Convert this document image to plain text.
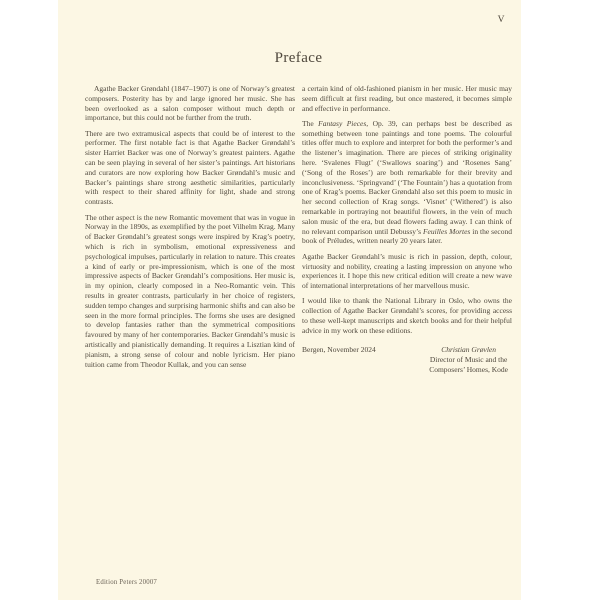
V
Preface

Agathe Backer Grøndahl (1847–1907) is one of Norway’s greatest composers. Posterity has by and large ignored her music. She has been overlooked as a salon composer without much depth or importance, but this could not be further from the truth.

There are two extramusical aspects that could be of interest to the performer. The first notable fact is that Agathe Backer Grøndahl’s sister Harriet Backer was one of Norway’s greatest painters. Agathe can be seen playing in several of her sister’s paintings. Art historians and curators are now exploring how Backer Grøndahl’s music and Backer’s paintings share strong aesthetic similarities, particularly with respect to their shared affinity for light, shade and strong contrasts.

The other aspect is the new Romantic movement that was in vogue in Norway in the 1890s, as exemplified by the poet Vilhelm Krag. Many of Backer Grøndahl’s greatest songs were inspired by Krag’s poetry, which is rich in symbolism, emotional expressiveness and psychological impulses, particularly in relation to nature. This creates a kind of early or pre-impressionism, which is one of the most impressive aspects of Backer Grøndahl’s compositions. Her music is, in my opinion, clearly composed in a Neo-Romantic vein. This results in greater contrasts, particularly in her choice of registers, sudden tempo changes and surprising harmonic shifts and can also be seen in the more formal principles. The forms she uses are designed to develop fantasies rather than the symmetrical compositions favoured by many of her contemporaries. Backer Grøndahl’s music is artistically and pianistically demanding. It requires a Lisztian kind of pianism, a strong sense of colour and noble lyricism. Her piano tuition came from Theodor Kullak, and you can sense

a certain kind of old-fashioned pianism in her music. Her music may seem difficult at first reading, but once mastered, it becomes simple and effective in performance.

The Fantasy Pieces, Op. 39, can perhaps best be described as something between tone paintings and tone poems. The colourful titles offer much to explore and interpret for both the performer’s and the listener’s imagination. There are pieces of striking originality here. ‘Svalenes Flugt’ (‘Swallows soaring’) and ‘Rosenes Sang’ (‘Song of the Roses’) are both remarkable for their brevity and inconclusiveness. ‘Springvand’ (‘The Fountain’) has a quotation from one of Krag’s poems. Backer Grøndahl also set this poem to music in her second collection of Krag songs. ‘Visnet’ (‘Withered’) is also remarkable in portraying not beautiful flowers, in the vein of much salon music of the era, but dead flowers fading away. I can think of no relevant comparison until Debussy’s Feuilles Mortes in the second book of Préludes, written nearly 20 years later.

Agathe Backer Grøndahl’s music is rich in passion, depth, colour, virtuosity and nobility, creating a lasting impression on anyone who experiences it. I hope this new critical edition will create a new wave of international interpretations of her marvellous music.

I would like to thank the National Library in Oslo, who owns the collection of Agathe Backer Grøndahl’s scores, for providing access to these well-kept manuscripts and sketch books and for their helpful advice in my work on these editions.

Bergen, November 2024	Christian Grøvlen
Director of Music and the
Composers’ Homes, Kode
Edition Peters 20007
